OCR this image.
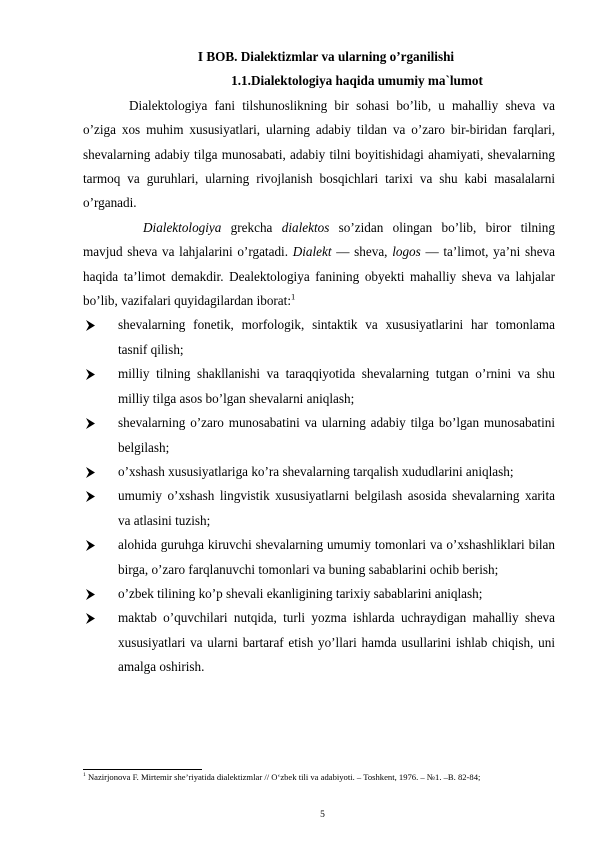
I BOB. Dialektizmlar va ularning o’rganilishi
1.1.Dialektologiya haqida umumiy ma`lumot

Dialektologiya fani tilshunoslikning bir sohasi bo’lib, u mahalliy sheva va o’ziga xos muhim xususiyatlari, ularning adabiy tildan va o’zaro bir-biridan farqlari, shevalarning adabiy tilga munosabati, adabiy tilni boyitishidagi ahamiyati, shevalarning tarmoq va guruhlari, ularning rivojlanish bosqichlari tarixi va shu kabi masalalarni o’rganadi.

Dialektologiya grekcha dialektos so’zidan olingan bo’lib, biror tilning mavjud sheva va lahjalarini o’rgatadi. Dialekt — sheva, logos — ta’limot, ya’ni sheva haqida ta’limot demakdir. Dealektologiya fanining obyekti mahalliy sheva va lahjalar bo’lib, vazifalari quyidagilardan iborat:$^1$

shevalarning fonetik, morfologik, sintaktik va xususiyatlarini har tomonlama tasnif qilish;
milliy tilning shakllanishi va taraqqiyotida shevalarning tutgan o’rnini va shu milliy tilga asos bo’lgan shevalarni aniqlash;
shevalarning o’zaro munosabatini va ularning adabiy tilga bo’lgan munosabatini belgilash;
o’xshash xususiyatlariga ko’ra shevalarning tarqalish xududlarini aniqlash;
umumiy o’xshash lingvistik xususiyatlarni belgilash asosida shevalarning xarita va atlasini tuzish;
alohida guruhga kiruvchi shevalarning umumiy tomonlari va o’xshashliklari bilan birga, o’zaro farqlanuvchi tomonlari va buning sabablarini ochib berish;
o’zbek tilining ko’p shevali ekanligining tarixiy sabablarini aniqlash;
maktab o’quvchilari nutqida, turli yozma ishlarda uchraydigan mahalliy sheva xususiyatlari va ularni bartaraf etish yo’llari hamda usullarini ishlab chiqish, uni amalga oshirish.
$^1$ Nazirjonova F. Mirtemir she’riyatida dialektizmlar // O‘zbek tili va adabiyoti. – Toshkent, 1976. – №1. –B. 82-84;
5
